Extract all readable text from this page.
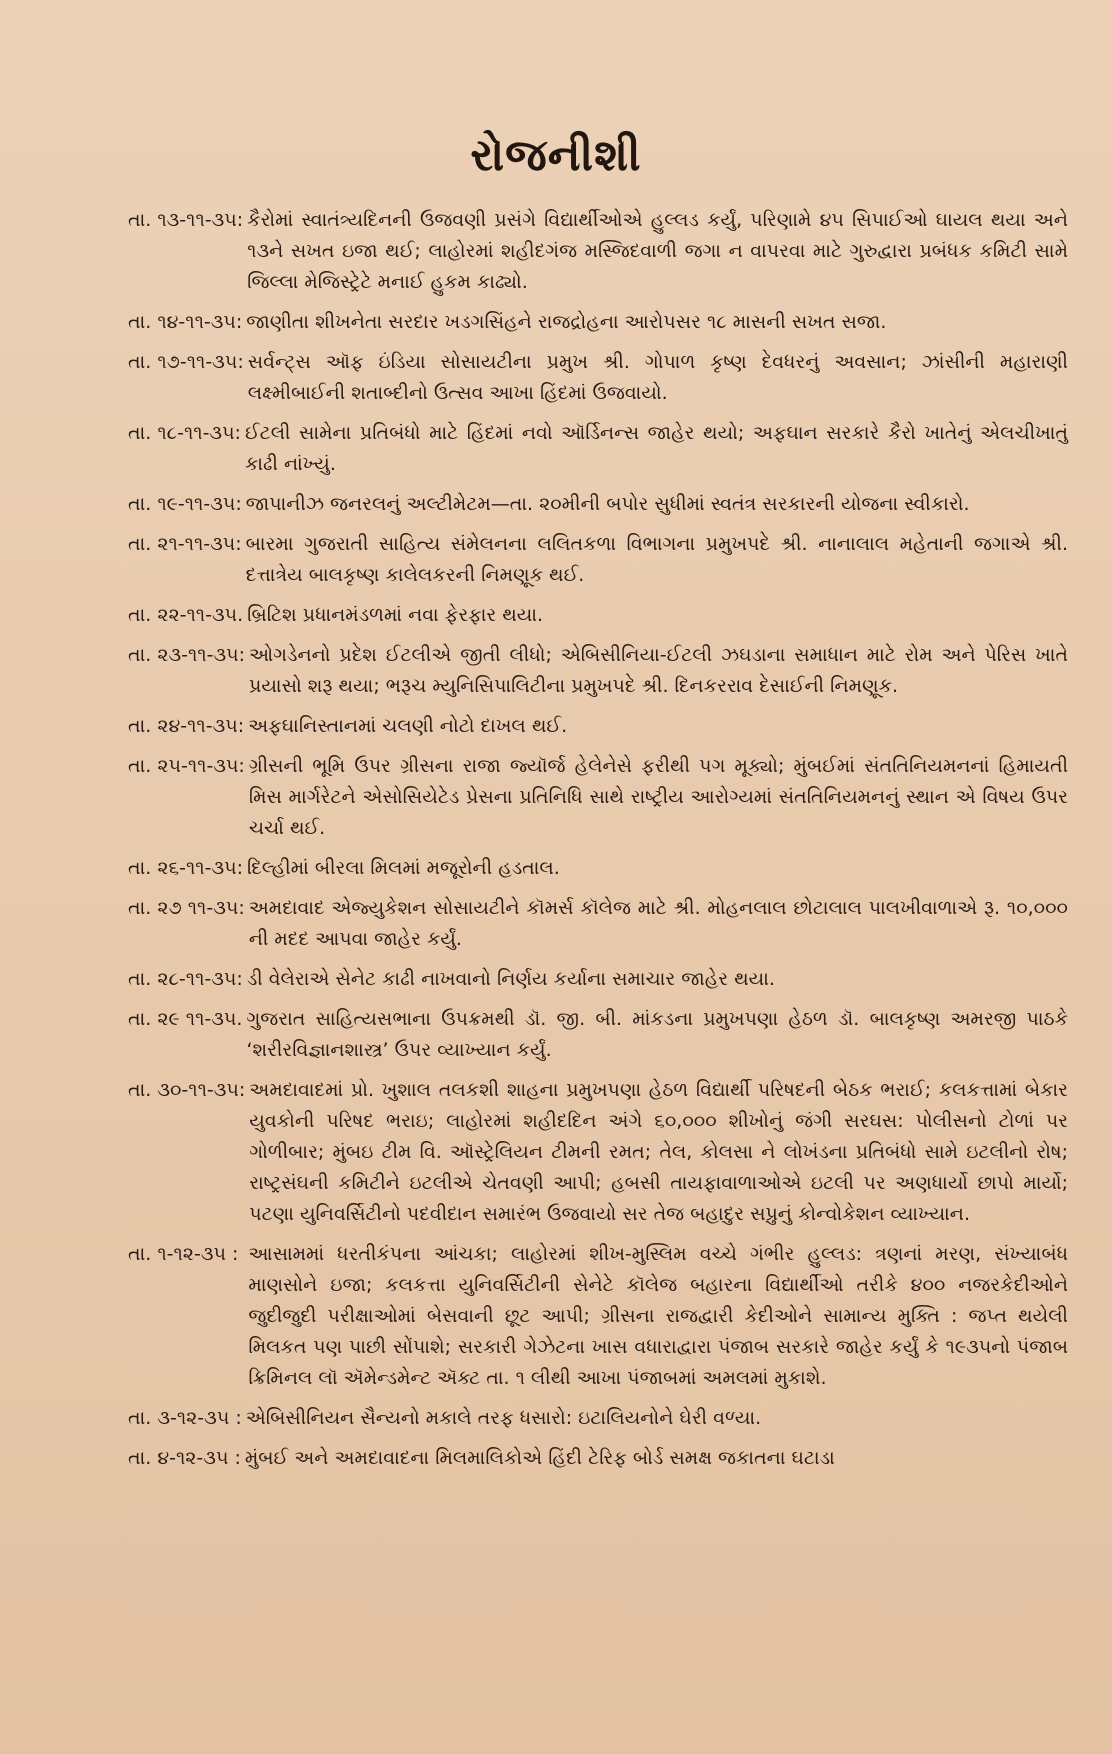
રોજનીશી
તા. ૧૩-૧૧-૩૫: કૈરોમાં સ્વાતંત્ર્યદિનની ઉજવણી પ્રસંગે વિદ્યાર્થીઓએ હુલ્લડ કર્યું, પરિણામે ૪૫ સિપાઈઓ ઘાયલ થયા અને ૧૩ને સખત ઇજા થઈ; લાહોરમાં શહીદગંજ મસ્જિદવાળી જગા ન વાપરવા માટે ગુરુદ્વારા પ્રબંધક કમિટી સામે જિલ્લા મેજિસ્ટ્રેટે મનાઈ હુકમ કાઢ્યો.
તા. ૧૪-૧૧-૩૫: જાણીતા શીખનેતા સરદાર ખડગસિંહને રાજદ્રોહના આરોપસર ૧૮ માસની સખત સજા.
તા. ૧૭-૧૧-૩૫: સર્વન્ટ્સ ઑફ ઇંડિયા સોસાયટીના પ્રમુખ શ્રી. ગોપાળ કૃષ્ણ દેવધરનું અવસાન; ઝાંસીની મહારાણી લક્ષ્મીબાઈની શતાબ્દીનો ઉત્સવ આખા હિંદમાં ઉજવાયો.
તા. ૧૮-૧૧-૩૫: ઈટલી સામેના પ્રતિબંધો માટે હિંદમાં નવો ઑર્ડિનન્સ જાહેર થયો; અફઘાન સરકારે કૈરો ખાતેનું એલચીખાતું કાઢી નાંખ્યું.
તા. ૧૯-૧૧-૩૫: જાપાનીઝ જનરલનું અલ્ટીમેટમ—તા. ૨૦મીની બપોર સુધીમાં સ્વતંત્ર સરકારની યોજના સ્વીકારો.
તા. ૨૧-૧૧-૩૫: બારમા ગુજરાતી સાહિત્ય સંમેલનના લલિતકળા વિભાગના પ્રમુખપદે શ્રી. નાનાલાલ મહેતાની જગાએ શ્રી. દત્તાત્રેય બાલકૃષ્ણ કાલેલકરની નિમણૂક થઈ.
તા. ૨૨-૧૧-૩૫. બ્રિટિશ પ્રધાનમંડળમાં નવા ફેરફાર થયા.
તા. ૨૩-૧૧-૩૫: ઓગડેનનો પ્રદેશ ઈટલીએ જીતી લીધો; એબિસીનિયા-ઈટલી ઝઘડાના સમાધાન માટે રોમ અને પેરિસ ખાતે પ્રયાસો શરૂ થયા; ભરૂચ મ્યુનિસિપાલિટીના પ્રમુખપદે શ્રી. દિનકરરાવ દેસાઈની નિમણૂક.
તા. ૨૪-૧૧-૩૫: અફઘાનિસ્તાનમાં ચલણી નોટો દાખલ થઈ.
તા. ૨૫-૧૧-૩૫: ગ્રીસની ભૂમિ ઉપર ગ્રીસના રાજા જ્યૉર્જ હેલેનેસે ફરીથી પગ મૂક્યો; મુંબઈમાં સંતતિનિયમનનાં હિમાયતી મિસ માર્ગરેટને એસોસિયેટેડ પ્રેસના પ્રતિનિધિ સાથે રાષ્ટ્રીય આરોગ્યમાં સંતતિનિયમનનું સ્થાન એ વિષય ઉપર ચર્ચા થઈ.
તા. ૨૬-૧૧-૩૫: દિલ્હીમાં બીરલા મિલમાં મજૂરોની હડતાલ.
તા. ૨૭ ૧૧-૩૫: અમદાવાદ એજ્યુકેશન સોસાયટીને કૉમર્સ કૉલેજ માટે શ્રી. મોહનલાલ છોટાલાલ પાલખીવાળાએ રૂ. ૧૦,૦૦૦ ની મદદ આપવા જાહેર કર્યું.
તા. ૨૮-૧૧-૩૫: ડી વેલેરાએ સેનેટ કાઢી નાખવાનો નિર્ણય કર્યાના સમાચાર જાહેર થયા.
તા. ૨૯ ૧૧-૩૫. ગુજરાત સાહિત્યસભાના ઉપક્રમથી ડૉ. જી. બી. માંકડના પ્રમુખપણા હેઠળ ડૉ. બાલકૃષ્ણ અમરજી પાઠકે ‘શરીરવિજ્ઞાનશાસ્ત્ર’ ઉપર વ્યાખ્યાન કર્યું.
તા. ૩૦-૧૧-૩૫: અમદાવાદમાં પ્રો. ખુશાલ તલકશી શાહના પ્રમુખપણા હેઠળ વિદ્યાર્થી પરિષદની બેઠક ભરાઈ; કલકત્તામાં બેકાર યુવકોની પરિષદ ભરાઇ; લાહોરમાં શહીદદિન અંગે ૬૦,૦૦૦ શીખોનું જંગી સરઘસ: પોલીસનો ટોળાં પર ગોળીબાર; મુંબઇ ટીમ વિ. ઑસ્ટ્રેલિયન ટીમની રમત; તેલ, કોલસા ને લોખંડના પ્રતિબંધો સામે ઇટલીનો રોષ; રાષ્ટ્રસંઘની કમિટીને ઇટલીએ ચેતવણી આપી; હબસી તાયફાવાળાઓએ ઇટલી પર અણધાર્યો છાપો માર્યો; પટણા યુનિવર્સિટીનો પદવીદાન સમારંભ ઉજવાયો સર તેજ બહાદુર સપ્રુનું કોન્વોકેશન વ્યાખ્યાન.
તા. ૧-૧૨-૩૫ : આસામમાં ધરતીકંપના આંચકા; લાહોરમાં શીખ-મુસ્લિમ વચ્ચે ગંભીર હુલ્લડ: ત્રણનાં મરણ, સંખ્યાબંધ માણસોને ઇજા; કલકત્તા યુનિવર્સિટીની સેનેટે કૉલેજ બહારના વિદ્યાર્થીઓ તરીકે ૪૦૦ નજરકેદીઓને જુદીજુદી પરીક્ષાઓમાં બેસવાની છૂટ આપી; ગ્રીસના રાજદ્વારી કેદીઓને સામાન્ય મુક્તિ : જપ્ત થયેલી મિલકત પણ પાછી સોંપાશે; સરકારી ગેઝેટના ખાસ વધારાદ્વારા પંજાબ સરકારે જાહેર કર્યું કે ૧૯૩૫નો પંજાબ ક્રિમિનલ લૉ ઍમેન્ડમેન્ટ ઍક્ટ તા. ૧ લીથી આખા પંજાબમાં અમલમાં મુકાશે.
તા. ૩-૧૨-૩૫ : એબિસીનિયન સૈન્યનો મકાલે તરફ ધસારો: ઇટાલિયનોને ઘેરી વળ્યા.
તા. ૪-૧૨-૩૫ : મુંબઈ અને અમદાવાદના મિલમાલિકોએ હિંદી ટેરિફ બોર્ડ સમક્ષ જકાતના ઘટાડા
